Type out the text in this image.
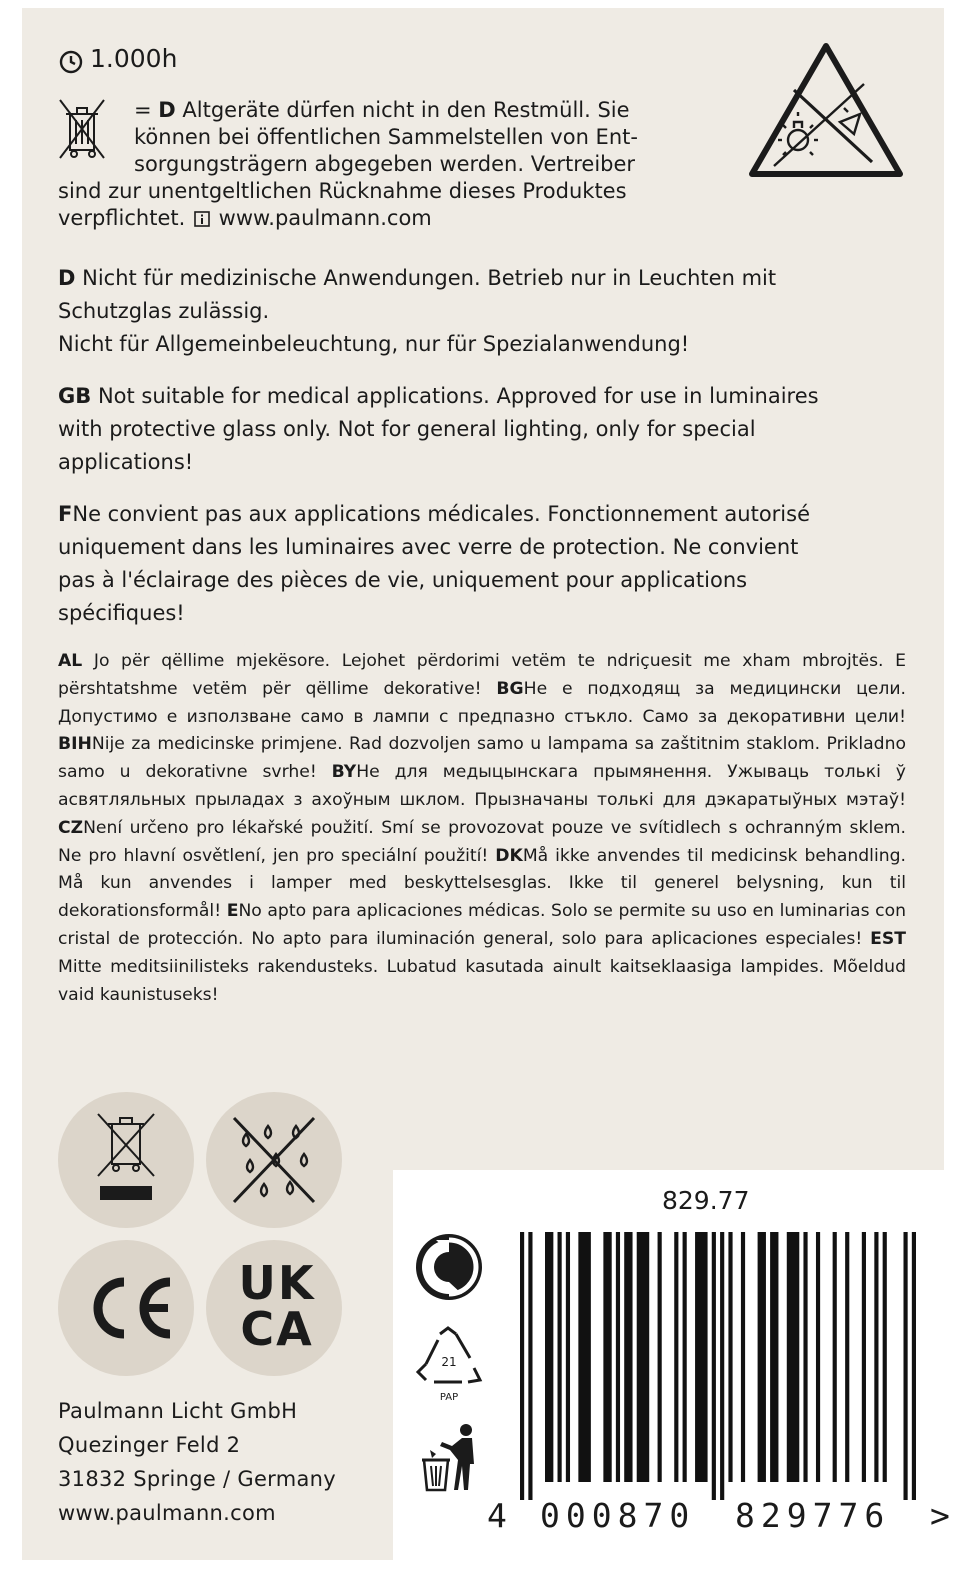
1.000h
= D Altgeräte dürfen nicht in den Restmüll. Sie
können bei öffentlichen Sammelstellen von Ent-
sorgungsträgern abgegeben werden. Vertreiber
sind zur unentgeltlichen Rücknahme dieses Produktes
verpflichtet. www.paulmann.com
D Nicht für medizinische Anwendungen. Betrieb nur in Leuchten mit
Schutzglas zulässig.
Nicht für Allgemeinbeleuchtung, nur für Spezialanwendung!
GB Not suitable for medical applications. Approved for use in luminaires
with protective glass only. Not for general lighting, only for special
applications!
FNe convient pas aux applications médicales. Fonctionnement autorisé
uniquement dans les luminaires avec verre de protection. Ne convient
pas à l'éclairage des pièces de vie, uniquement pour applications
spécifiques!
AL Jo për qëllime mjekësore. Lejohet përdorimi vetëm te ndriçuesit me xham mbrojtës. E përshtatshme vetëm për qëllime dekorative! BGНе е подходящ за медицински цели. Допустимо е използване само в лампи с предпазно стъкло. Само за декоративни цели! BIHNije za medicinske primjene. Rad dozvoljen samo u lampama sa zaštitnim staklom. Prikladno samo u dekorativne svrhe! BYНе для медыцынскага прымянення. Ужываць толькі ў асвятляльных прыладах з ахоўным шклом. Прызначаны толькі для дэкаратыўных мэтаў! CZNení určeno pro lékařské použití. Smí se provozovat pouze ve svítidlech s ochranným sklem. Ne pro hlavní osvětlení, jen pro speciální použití! DKMå ikke anvendes til medicinsk behandling. Må kun anvendes i lamper med beskyttelsesglas. Ikke til generel belysning, kun til dekorationsformål! ENo apto para aplicaciones médicas. Solo se permite su uso en luminarias con cristal de protección. No apto para iluminación general, solo para aplicaciones especiales! EST Mitte meditsiinilisteks rakendusteks. Lubatud kasutada ainult kaitseklaasiga lampides. Mõeldud vaid kaunistuseks!
UK
CA
Paulmann Licht GmbH
Quezinger Feld 2
31832 Springe / Germany
www.paulmann.com
829.77
21
PAP
4 000870 829776 >
